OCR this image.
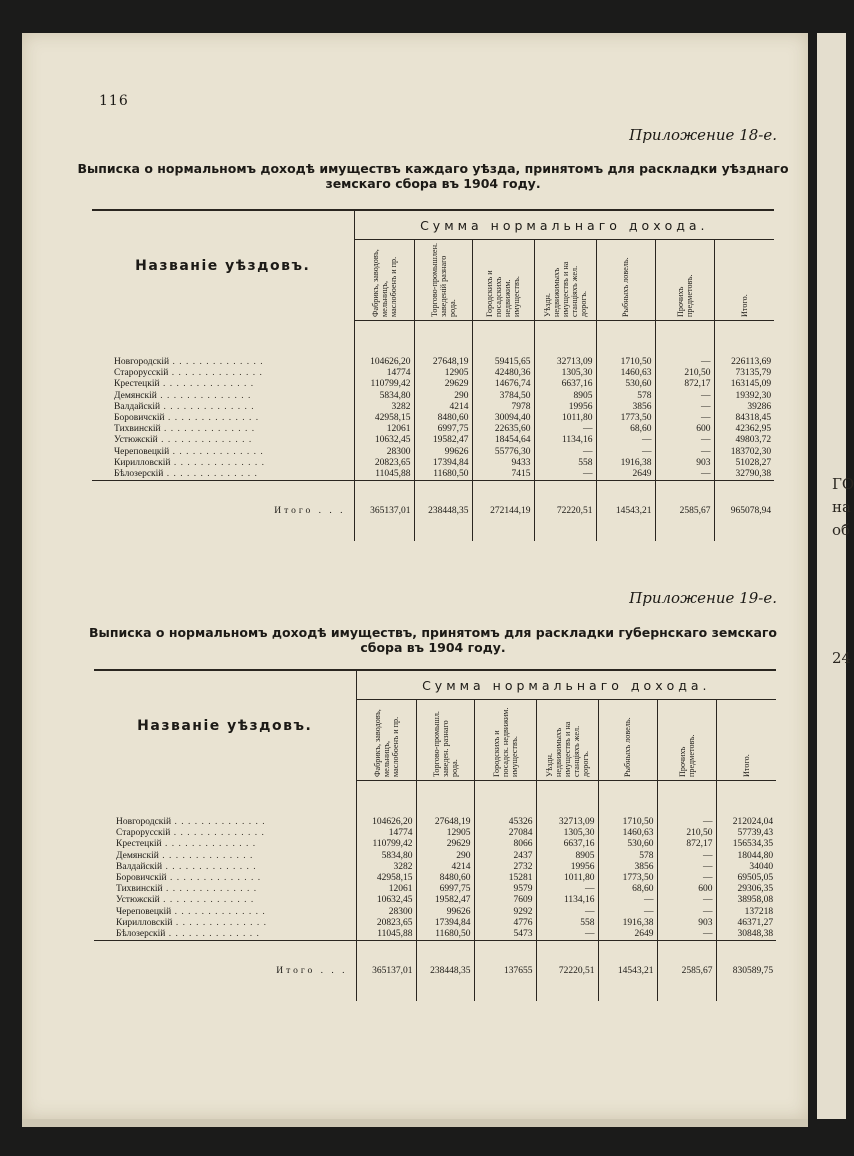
116
Приложение 18-е.
Выписка о нормальномъ доходѣ имуществъ каждаго уѣзда, принятомъ для раскладки уѣзднаго
земскаго сбора въ 1904 году.
Названіе уѣздовъ.	Сумма нормальнаго дохода.						

	Фабрикъ, заводовъ, мельницъ, маслобоенъ и пр.	Торгово-промышлен. заведеній разнаго рода.	Городскихъ и посадскихъ недвижим. имуществъ.	Уѣздн. недвижимыхъ имуществъ и на станціяхъ жел. дорогъ.	Рыбныхъ ловель.	Прочихъ предметовъ.	Итого.

Новгородскій . . . . . . . . . . . . . .	104626,20	27648,19	59415,65	32713,09	1710,50	—	226113,69
Старорусскій . . . . . . . . . . . . . .	14774	12905	42480,36	1305,30	1460,63	210,50	73135,79
Крестецкій . . . . . . . . . . . . . .	110799,42	29629	14676,74	6637,16	530,60	872,17	163145,09
Демянскій . . . . . . . . . . . . . .	5834,80	290	3784,50	8905	578	—	19392,30
Валдайскій . . . . . . . . . . . . . .	3282	4214	7978	19956	3856	—	39286
Боровичскій . . . . . . . . . . . . . .	42958,15	8480,60	30094,40	1011,80	1773,50	—	84318,45
Тихвинскій . . . . . . . . . . . . . .	12061	6997,75	22635,60	—	68,60	600	42362,95
Устюжскій . . . . . . . . . . . . . .	10632,45	19582,47	18454,64	1134,16	—	—	49803,72
Череповецкій . . . . . . . . . . . . . .	28300	99626	55776,30	—	—	—	183702,30
Кирилловскій . . . . . . . . . . . . . .	20823,65	17394,84	9433	558	1916,38	903	51028,27
Бѣлозерскій . . . . . . . . . . . . . .	11045,88	11680,50	7415	—	2649	—	32790,38
Итого . . .	365137,01	238448,35	272144,19	72220,51	14543,21	2585,67	965078,94
Приложение 19-е.
Выписка о нормальномъ доходѣ имуществъ, принятомъ для раскладки губернскаго земскаго
сбора въ 1904 году.
Названіе уѣздовъ.	Сумма нормальнаго дохода.						

	Фабрикъ, заводовъ, мельницъ, маслобоенъ и пр.	Торгово-промышл. заведен. разнаго рода.	Городскихъ и посадск. недвижим. имуществъ.	Уѣздн. недвижимыхъ имуществъ и на станціяхъ жел. дорогъ.	Рыбныхъ ловель.	Прочихъ предметовъ.	Итого.

Новгородскій . . . . . . . . . . . . . .	104626,20	27648,19	45326	32713,09	1710,50	—	212024,04
Старорусскій . . . . . . . . . . . . . .	14774	12905	27084	1305,30	1460,63	210,50	57739,43
Крестецкій . . . . . . . . . . . . . .	110799,42	29629	8066	6637,16	530,60	872,17	156534,35
Демянскій . . . . . . . . . . . . . .	5834,80	290	2437	8905	578	—	18044,80
Валдайскій . . . . . . . . . . . . . .	3282	4214	2732	19956	3856	—	34040
Боровичскій . . . . . . . . . . . . . .	42958,15	8480,60	15281	1011,80	1773,50	—	69505,05
Тихвинскій . . . . . . . . . . . . . .	12061	6997,75	9579	—	68,60	600	29306,35
Устюжскій . . . . . . . . . . . . . .	10632,45	19582,47	7609	1134,16	—	—	38958,08
Череповецкій . . . . . . . . . . . . . .	28300	99626	9292	—	—	—	137218
Кирилловскій . . . . . . . . . . . . . .	20823,65	17394,84	4776	558	1916,38	903	46371,27
Бѣлозерскій . . . . . . . . . . . . . .	11045,88	11680,50	5473	—	2649	—	30848,38
Итого . . .	365137,01	238448,35	137655	72220,51	14543,21	2585,67	830589,75
ГО
на
об
24
